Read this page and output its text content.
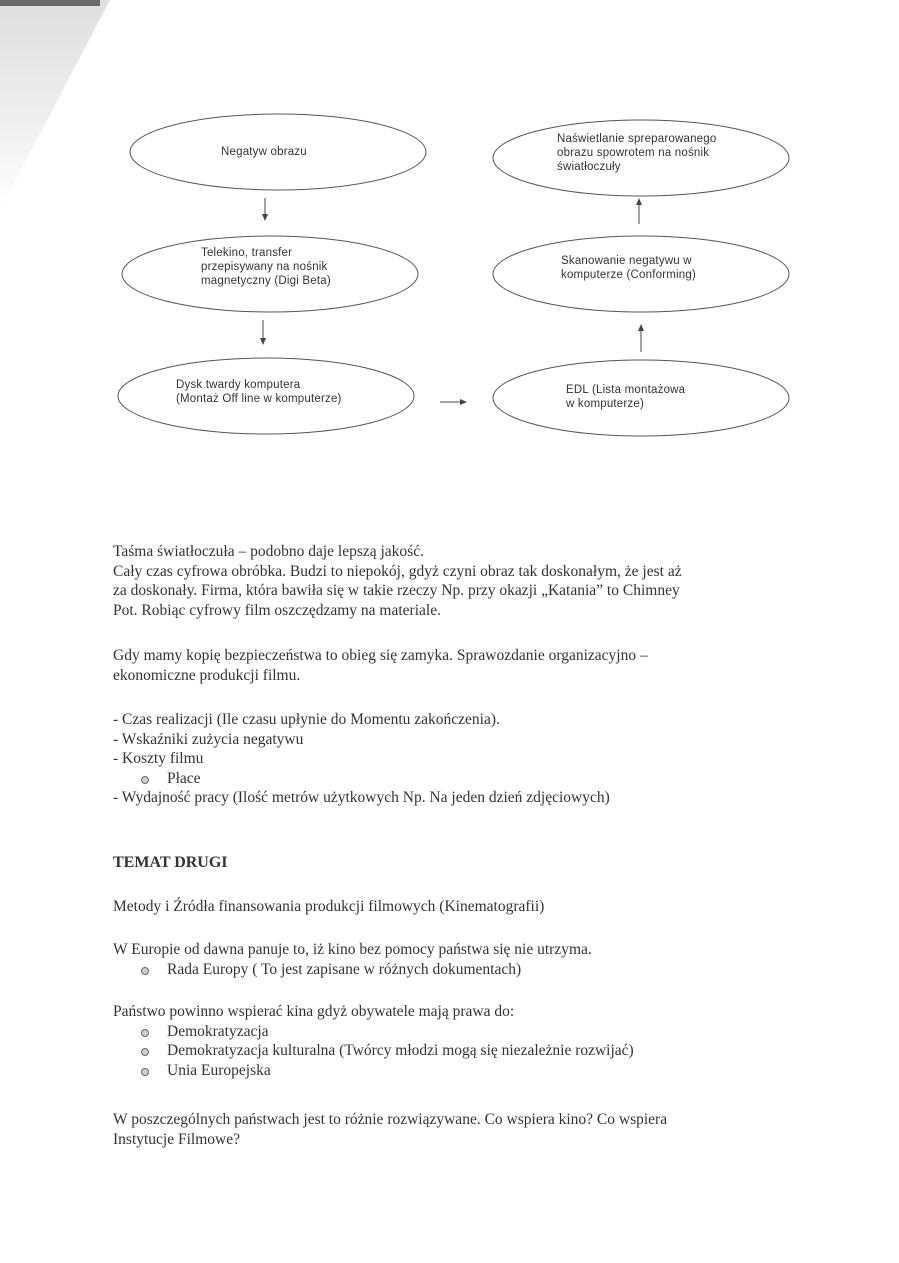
Negatyw obrazu
Telekino, transfer
przepisywany na nośnik
magnetyczny (Digi Beta)
Dysk twardy komputera
(Montaż Off line w komputerze)
Naświetlanie spreparowanego
obrazu spowrotem na nośnik
światłoczuły
Skanowanie negatywu w
komputerze (Conforming)
EDL (Lista montażowa
w komputerze)

Taśma światłoczuła – podobno daje lepszą jakość.

Cały czas cyfrowa obróbka. Budzi to niepokój, gdyż czyni obraz tak doskonałym, że jest aż

za doskonały. Firma, która bawiła się w takie rzeczy Np. przy okazji „Katania” to Chimney

Pot. Robiąc cyfrowy film oszczędzamy na materiale.

Gdy mamy kopię bezpieczeństwa to obieg się zamyka. Sprawozdanie organizacyjno –

ekonomiczne produkcji filmu.

- Czas realizacji (Ile czasu upłynie do Momentu zakończenia).

- Wskaźniki zużycia negatywu

- Koszty filmu

Płace

- Wydajność pracy (Ilość metrów użytkowych Np. Na jeden dzień zdjęciowych)

TEMAT DRUGI
Metody i Źródła finansowania produkcji filmowych (Kinematografii)

W Europie od dawna panuje to, iż kino bez pomocy państwa się nie utrzyma.

Rada Europy ( To jest zapisane w różnych dokumentach)

Państwo powinno wspierać kina gdyż obywatele mają prawa do:

Demokratyzacja
Demokratyzacja kulturalna (Twórcy młodzi mogą się niezależnie rozwijać)
Unia Europejska

W poszczególnych państwach jest to różnie rozwiązywane. Co wspiera kino? Co wspiera

Instytucje Filmowe?
